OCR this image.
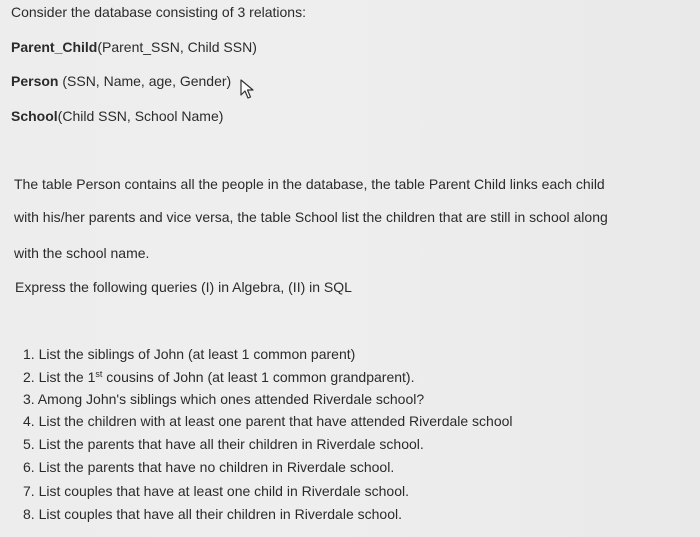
Consider the database consisting of 3 relations:
Parent_Child(Parent_SSN, Child SSN)
Person (SSN, Name, age, Gender)
School(Child SSN, School Name)
The table Person contains all the people in the database, the table Parent Child links each child
with his/her parents and vice versa, the table School list the children that are still in school along
with the school name.
Express the following queries (I) in Algebra, (II) in SQL
1. List the siblings of John (at least 1 common parent)
2. List the 1st cousins of John (at least 1 common grandparent).
3. Among John's siblings which ones attended Riverdale school?
4. List the children with at least one parent that have attended Riverdale school
5. List the parents that have all their children in Riverdale school.
6. List the parents that have no children in Riverdale school.
7. List couples that have at least one child in Riverdale school.
8. List couples that have all their children in Riverdale school.
